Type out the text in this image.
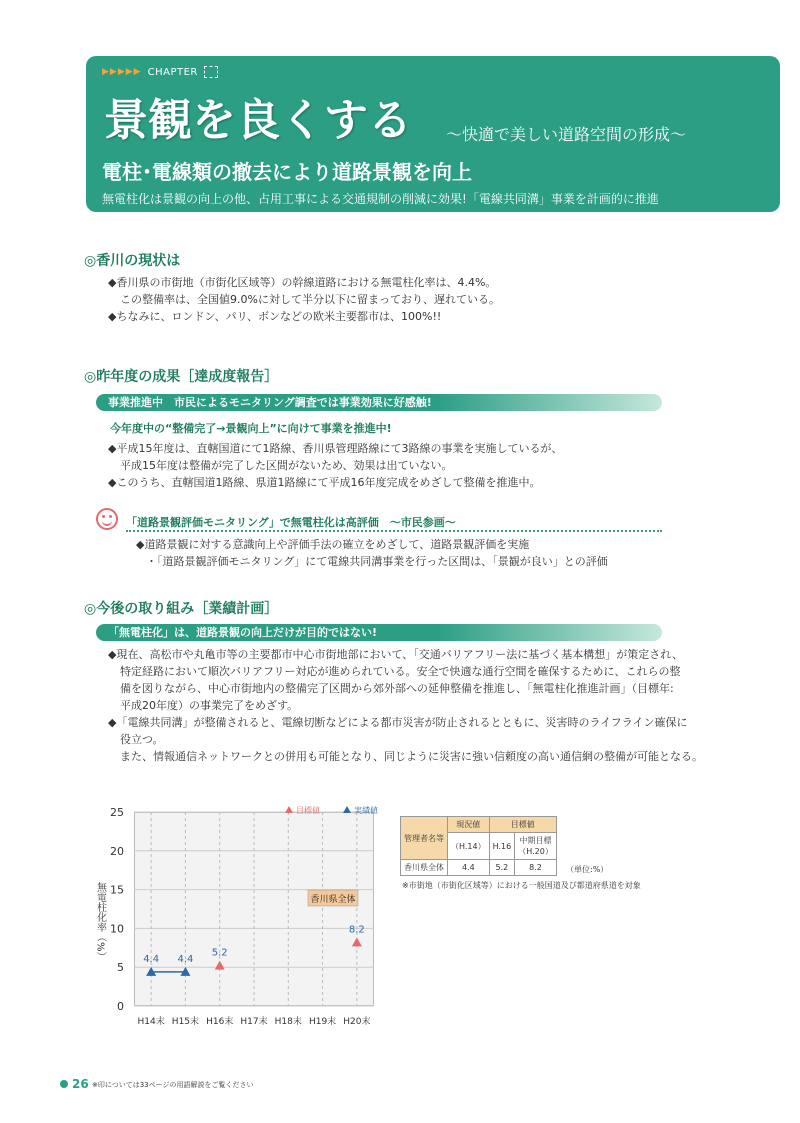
▶▶▶▶▶ CHAPTER
景観を良くする ～快適で美しい道路空間の形成～
電柱･電線類の撤去により道路景観を向上
無電柱化は景観の向上の他、占用工事による交通規制の削減に効果!「電線共同溝」事業を計画的に推進
◎香川の現状は
◆香川県の市街地（市街化区域等）の幹線道路における無電柱化率は、4.4%。
この整備率は、全国値9.0%に対して半分以下に留まっており、遅れている。
◆ちなみに、ロンドン、パリ、ボンなどの欧米主要都市は、100%!!
◎昨年度の成果［達成度報告］
事業推進中　市民によるモニタリング調査では事業効果に好感触!
今年度中の“整備完了→景観向上”に向けて事業を推進中!
◆平成15年度は、直轄国道にて1路線、香川県管理路線にて3路線の事業を実施しているが、
平成15年度は整備が完了した区間がないため、効果は出ていない。
◆このうち、直轄国道1路線、県道1路線にて平成16年度完成をめざして整備を推進中。
「道路景観評価モニタリング」で無電柱化は高評価　～市民参画～
◆道路景観に対する意識向上や評価手法の確立をめざして、道路景観評価を実施
・「道路景観評価モニタリング」にて電線共同溝事業を行った区間は、「景観が良い」との評価
◎今後の取り組み［業績計画］
「無電柱化」は、道路景観の向上だけが目的ではない!
◆現在、高松市や丸亀市等の主要都市中心市街地部において、「交通バリアフリー法に基づく基本構想」が策定され、
特定経路において順次バリアフリー対応が進められている。安全で快適な通行空間を確保するために、これらの整
備を図りながら、中心市街地内の整備完了区間から郊外部への延伸整備を推進し、「無電柱化推進計画」（目標年:
平成20年度）の事業完了をめざす。
◆「電線共同溝」が整備されると、電線切断などによる都市災害が防止されるとともに、災害時のライフライン確保に
役立つ。
また、情報通信ネットワークとの併用も可能となり、同じように災害に強い信頼度の高い通信網の整備が可能となる。
0
5
10
15
20
25
H14末 H15末 H16末 H17末 H18末 H19末 H20末
無電柱化率（%）	4.4 4.4
5.2
8.2
目標値	実績値
香川県全体
管理者名等	現況値	目標値	
	（H.14）	H.16	中期目標（H.20）
香川県全体	4.4	5.2	8.2	（単位:%）
※市街地（市街化区域等）における一般国道及び都道府県道を対象
26 ※印については33ページの用語解説をご覧ください
